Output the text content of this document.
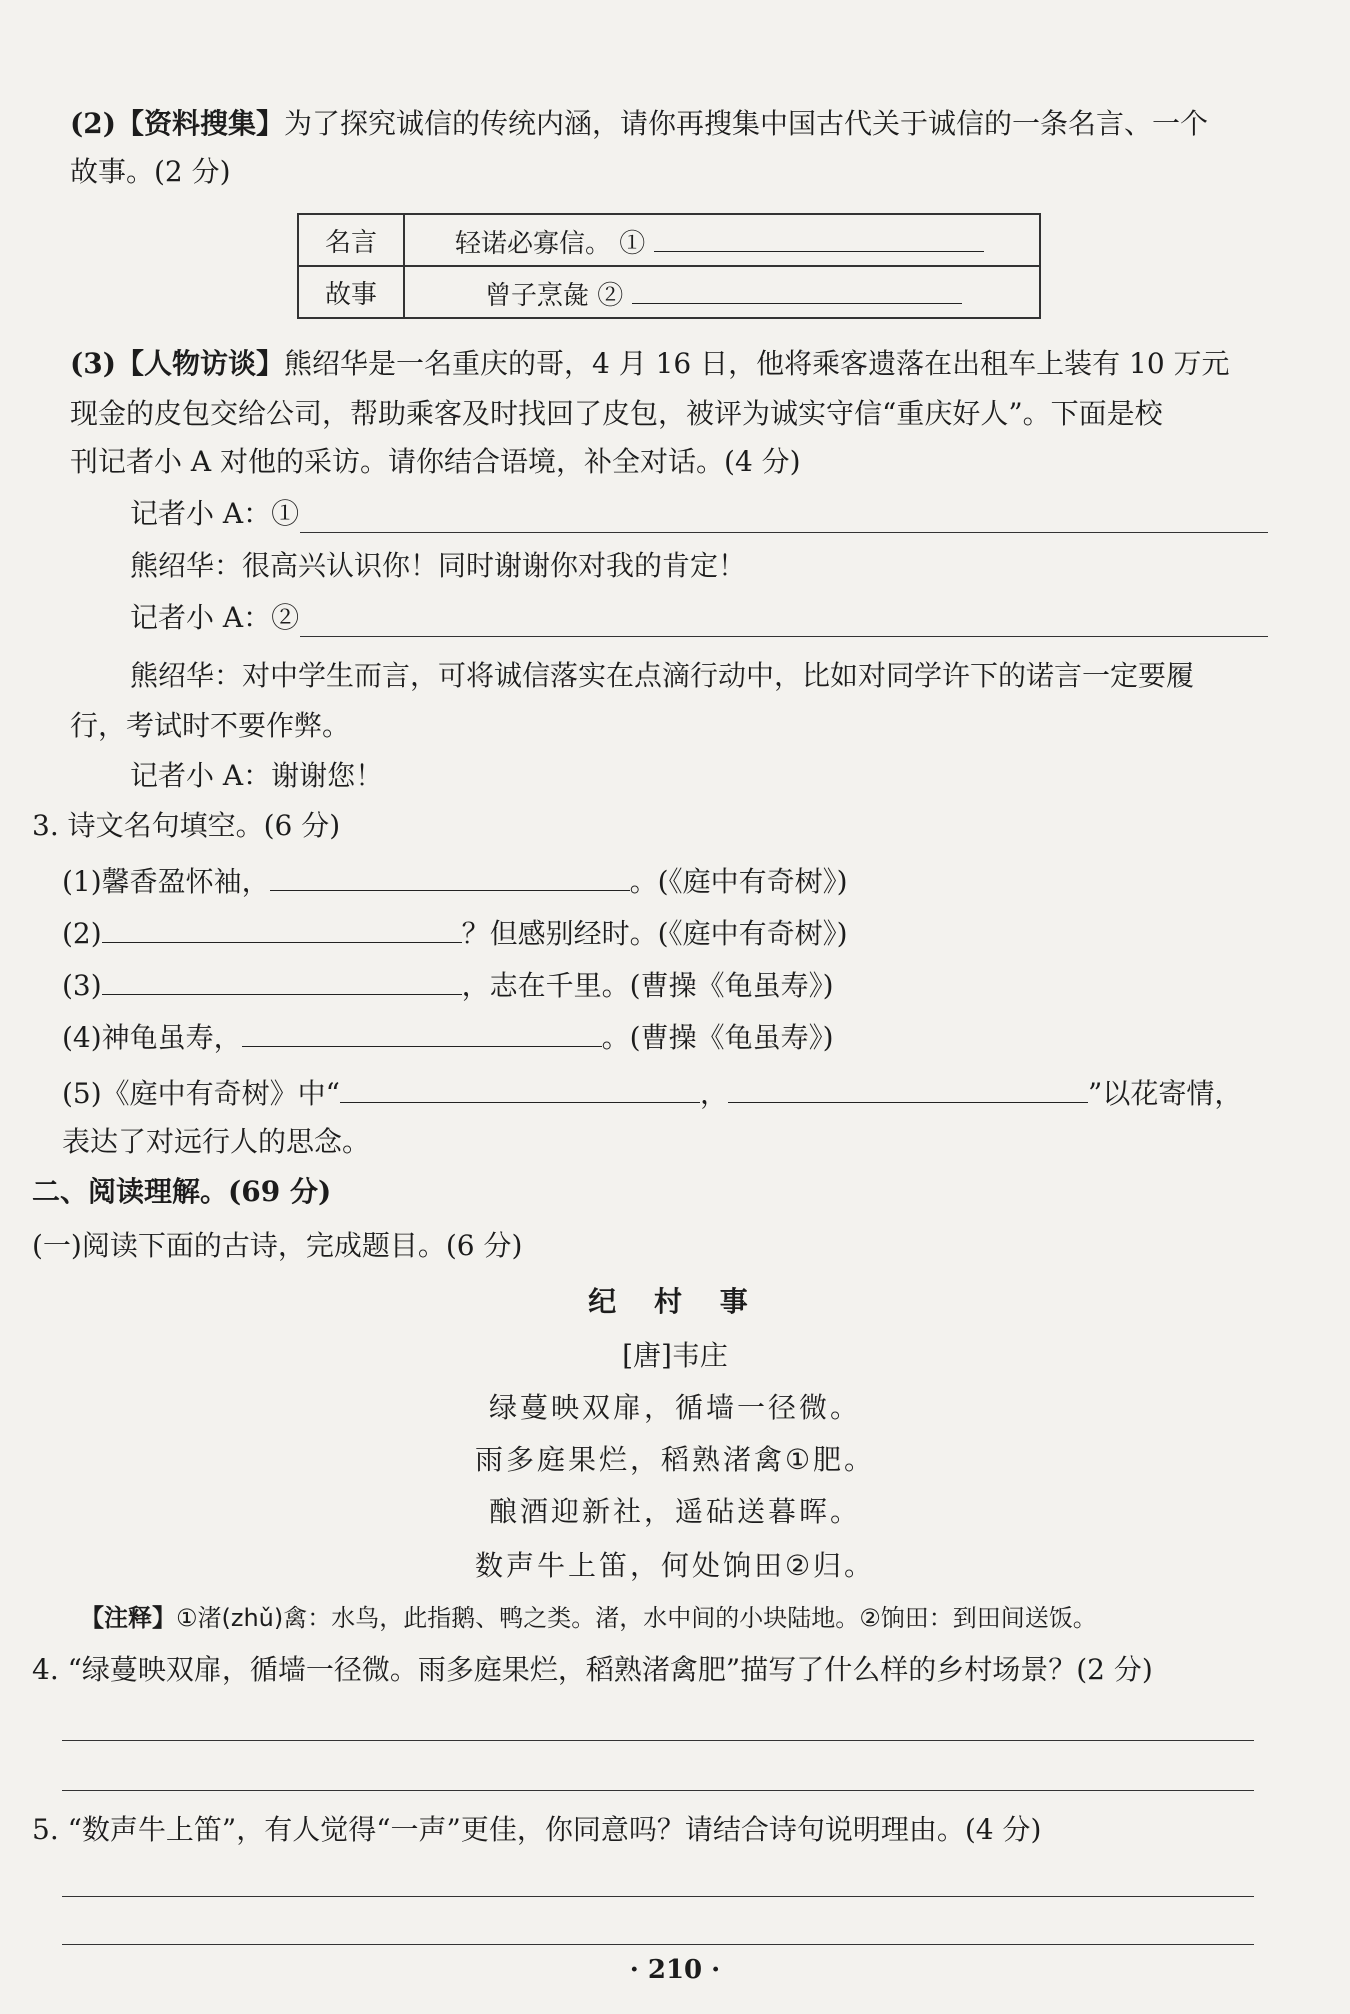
(2)【资料搜集】为了探究诚信的传统内涵，请你再搜集中国古代关于诚信的一条名言、一个
故事。(2 分)
名言	轻诺必寡信。 ①
故事	曾子烹彘 ②
(3)【人物访谈】熊绍华是一名重庆的哥，4 月 16 日，他将乘客遗落在出租车上装有 10 万元
现金的皮包交给公司，帮助乘客及时找回了皮包，被评为诚实守信“重庆好人”。下面是校
刊记者小 A 对他的采访。请你结合语境，补全对话。(4 分)
记者小 A：①
熊绍华：很高兴认识你！同时谢谢你对我的肯定！
记者小 A：②
熊绍华：对中学生而言，可将诚信落实在点滴行动中，比如对同学许下的诺言一定要履
行，考试时不要作弊。
记者小 A：谢谢您！
3. 诗文名句填空。(6 分)
(1)馨香盈怀袖，	。(《庭中有奇树》)
(2)	？但感别经时。(《庭中有奇树》)
(3)	，志在千里。(曹操《龟虽寿》)
(4)神龟虽寿，	。(曹操《龟虽寿》)
(5)《庭中有奇树》中“	，	”以花寄情，
表达了对远行人的思念。
二、阅读理解。(69 分)
(一)阅读下面的古诗，完成题目。(6 分)
纪 村 事
[唐]韦庄
绿蔓映双扉，循墙一径微。
雨多庭果烂，稻熟渚禽①肥。
酿酒迎新社，遥砧送暮晖。
数声牛上笛，何处饷田②归。
【注释】①渚(zhǔ)禽：水鸟，此指鹅、鸭之类。渚，水中间的小块陆地。②饷田：到田间送饭。
4. “绿蔓映双扉，循墙一径微。雨多庭果烂，稻熟渚禽肥”描写了什么样的乡村场景？(2 分)
5. “数声牛上笛”，有人觉得“一声”更佳，你同意吗？请结合诗句说明理由。(4 分)
· 210 ·
